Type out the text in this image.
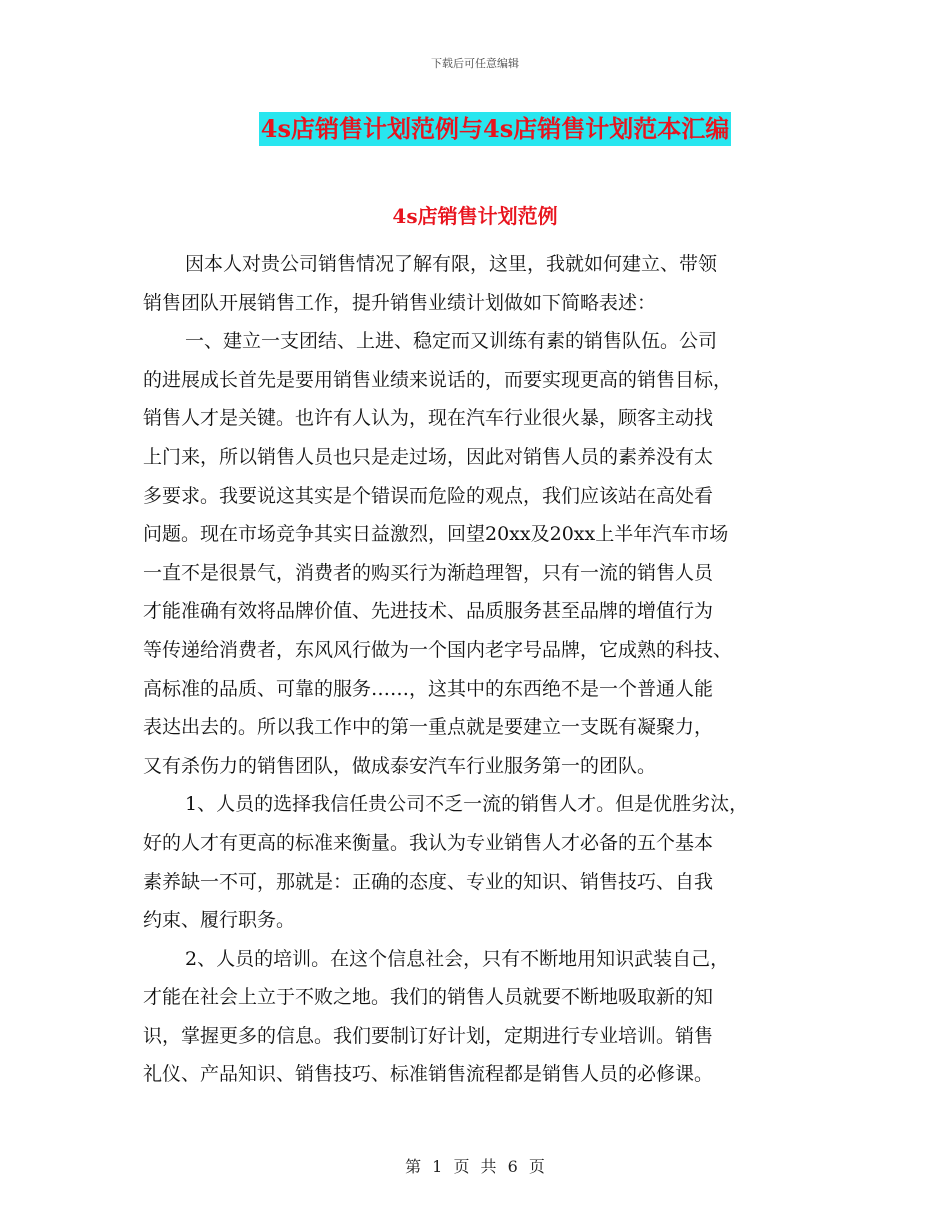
下载后可任意编辑
4s店销售计划范例与4s店销售计划范本汇编
4s店销售计划范例
因本人对贵公司销售情况了解有限，这里，我就如何建立、带领
销售团队开展销售工作，提升销售业绩计划做如下简略表述：
一、建立一支团结、上进、稳定而又训练有素的销售队伍。公司
的进展成长首先是要用销售业绩来说话的，而要实现更高的销售目标，
销售人才是关键。也许有人认为，现在汽车行业很火暴，顾客主动找
上门来，所以销售人员也只是走过场，因此对销售人员的素养没有太
多要求。我要说这其实是个错误而危险的观点，我们应该站在高处看
问题。现在市场竞争其实日益激烈，回望20xx及20xx上半年汽车市场
一直不是很景气，消费者的购买行为渐趋理智，只有一流的销售人员
才能准确有效将品牌价值、先进技术、品质服务甚至品牌的增值行为
等传递给消费者，东风风行做为一个国内老字号品牌，它成熟的科技、
高标准的品质、可靠的服务……，这其中的东西绝不是一个普通人能
表达出去的。所以我工作中的第一重点就是要建立一支既有凝聚力，
又有杀伤力的销售团队，做成泰安汽车行业服务第一的团队。
1、人员的选择我信任贵公司不乏一流的销售人才。但是优胜劣汰，
好的人才有更高的标准来衡量。我认为专业销售人才必备的五个基本
素养缺一不可，那就是：正确的态度、专业的知识、销售技巧、自我
约束、履行职务。
2、人员的培训。在这个信息社会，只有不断地用知识武装自己，
才能在社会上立于不败之地。我们的销售人员就要不断地吸取新的知
识，掌握更多的信息。我们要制订好计划，定期进行专业培训。销售
礼仪、产品知识、销售技巧、标准销售流程都是销售人员的必修课。
第 1 页 共 6 页
